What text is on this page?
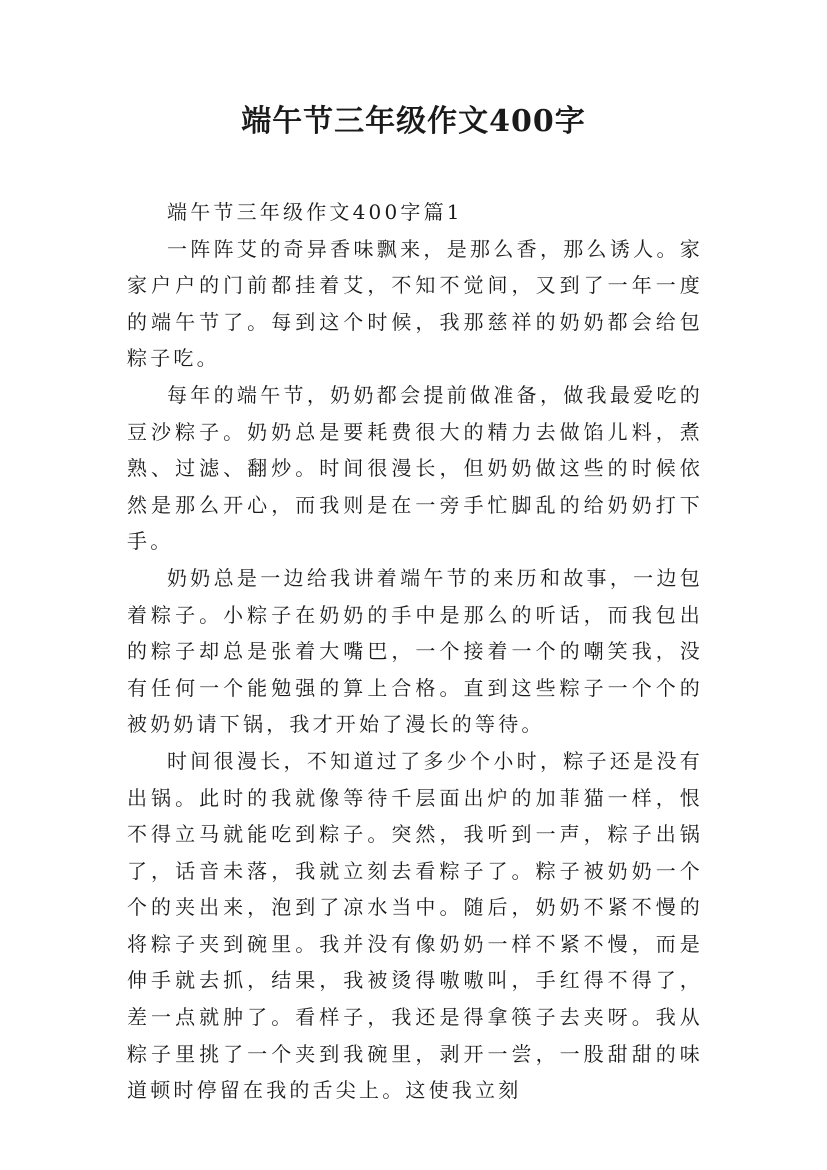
端午节三年级作文400字

端午节三年级作文400字篇1

一阵阵艾的奇异香味飘来，是那么香，那么诱人。家家户户的门前都挂着艾，不知不觉间，又到了一年一度的端午节了。每到这个时候，我那慈祥的奶奶都会给包粽子吃。

每年的端午节，奶奶都会提前做准备，做我最爱吃的豆沙粽子。奶奶总是要耗费很大的精力去做馅儿料，煮熟、过滤、翻炒。时间很漫长，但奶奶做这些的时候依然是那么开心，而我则是在一旁手忙脚乱的给奶奶打下手。

奶奶总是一边给我讲着端午节的来历和故事，一边包着粽子。小粽子在奶奶的手中是那么的听话，而我包出的粽子却总是张着大嘴巴，一个接着一个的嘲笑我，没有任何一个能勉强的算上合格。直到这些粽子一个个的被奶奶请下锅，我才开始了漫长的等待。

时间很漫长，不知道过了多少个小时，粽子还是没有出锅。此时的我就像等待千层面出炉的加菲猫一样，恨不得立马就能吃到粽子。突然，我听到一声，粽子出锅了，话音未落，我就立刻去看粽子了。粽子被奶奶一个个的夹出来，泡到了凉水当中。随后，奶奶不紧不慢的将粽子夹到碗里。我并没有像奶奶一样不紧不慢，而是伸手就去抓，结果，我被烫得嗷嗷叫，手红得不得了，差一点就肿了。看样子，我还是得拿筷子去夹呀。我从粽子里挑了一个夹到我碗里，剥开一尝，一股甜甜的味道顿时停留在我的舌尖上。这使我立刻
